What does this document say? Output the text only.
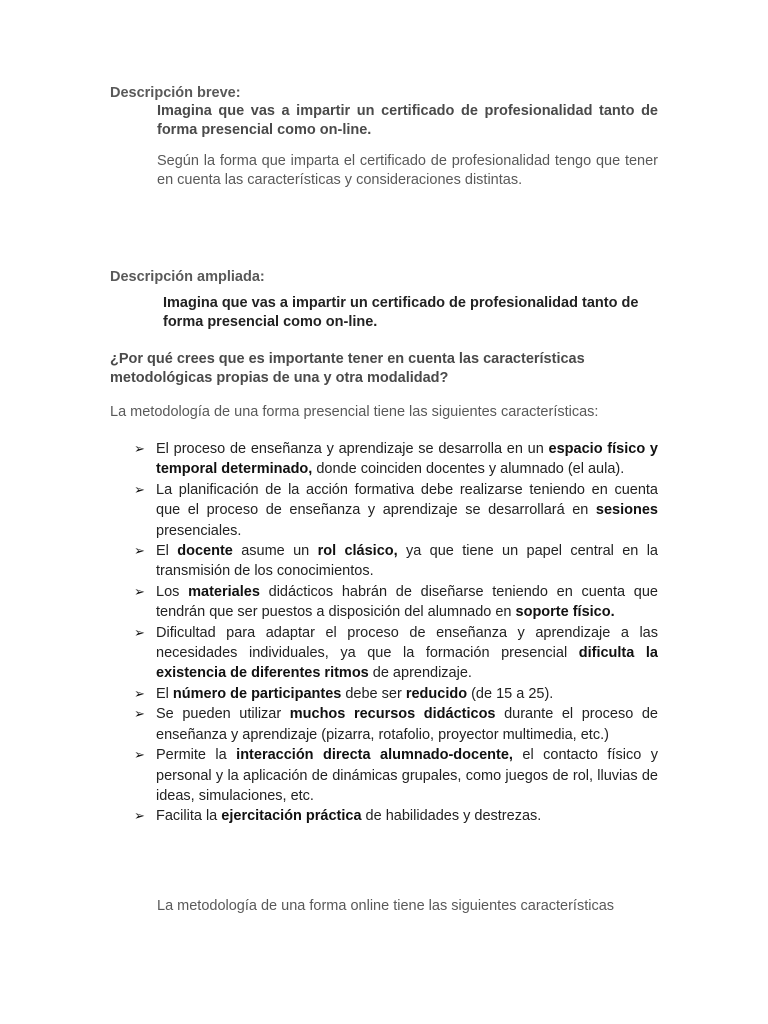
Descripción breve:
Imagina que vas a impartir un certificado de profesionalidad tanto de forma presencial como on-line.
Según la forma que imparta el certificado de profesionalidad tengo que tener en cuenta las características y consideraciones distintas.
Descripción ampliada:
Imagina que vas a impartir un certificado de profesionalidad tanto de forma presencial como on-line.
¿Por qué crees que es importante tener en cuenta las características metodológicas propias de una y otra modalidad?
La metodología de una forma presencial tiene las siguientes características:
➢ El proceso de enseñanza y aprendizaje se desarrolla en un espacio físico y temporal determinado, donde coinciden docentes y alumnado (el aula).
➢ La planificación de la acción formativa debe realizarse teniendo en cuenta que el proceso de enseñanza y aprendizaje se desarrollará en sesiones presenciales.
➢ El docente asume un rol clásico, ya que tiene un papel central en la transmisión de los conocimientos.
➢ Los materiales didácticos habrán de diseñarse teniendo en cuenta que tendrán que ser puestos a disposición del alumnado en soporte físico.
➢ Dificultad para adaptar el proceso de enseñanza y aprendizaje a las necesidades individuales, ya que la formación presencial dificulta la existencia de diferentes ritmos de aprendizaje.
➢ El número de participantes debe ser reducido (de 15 a 25).
➢ Se pueden utilizar muchos recursos didácticos durante el proceso de enseñanza y aprendizaje (pizarra, rotafolio, proyector multimedia, etc.)
➢ Permite la interacción directa alumnado-docente, el contacto físico y personal y la aplicación de dinámicas grupales, como juegos de rol, lluvias de ideas, simulaciones, etc.
➢ Facilita la ejercitación práctica de habilidades y destrezas.
La metodología de una forma online tiene las siguientes características
